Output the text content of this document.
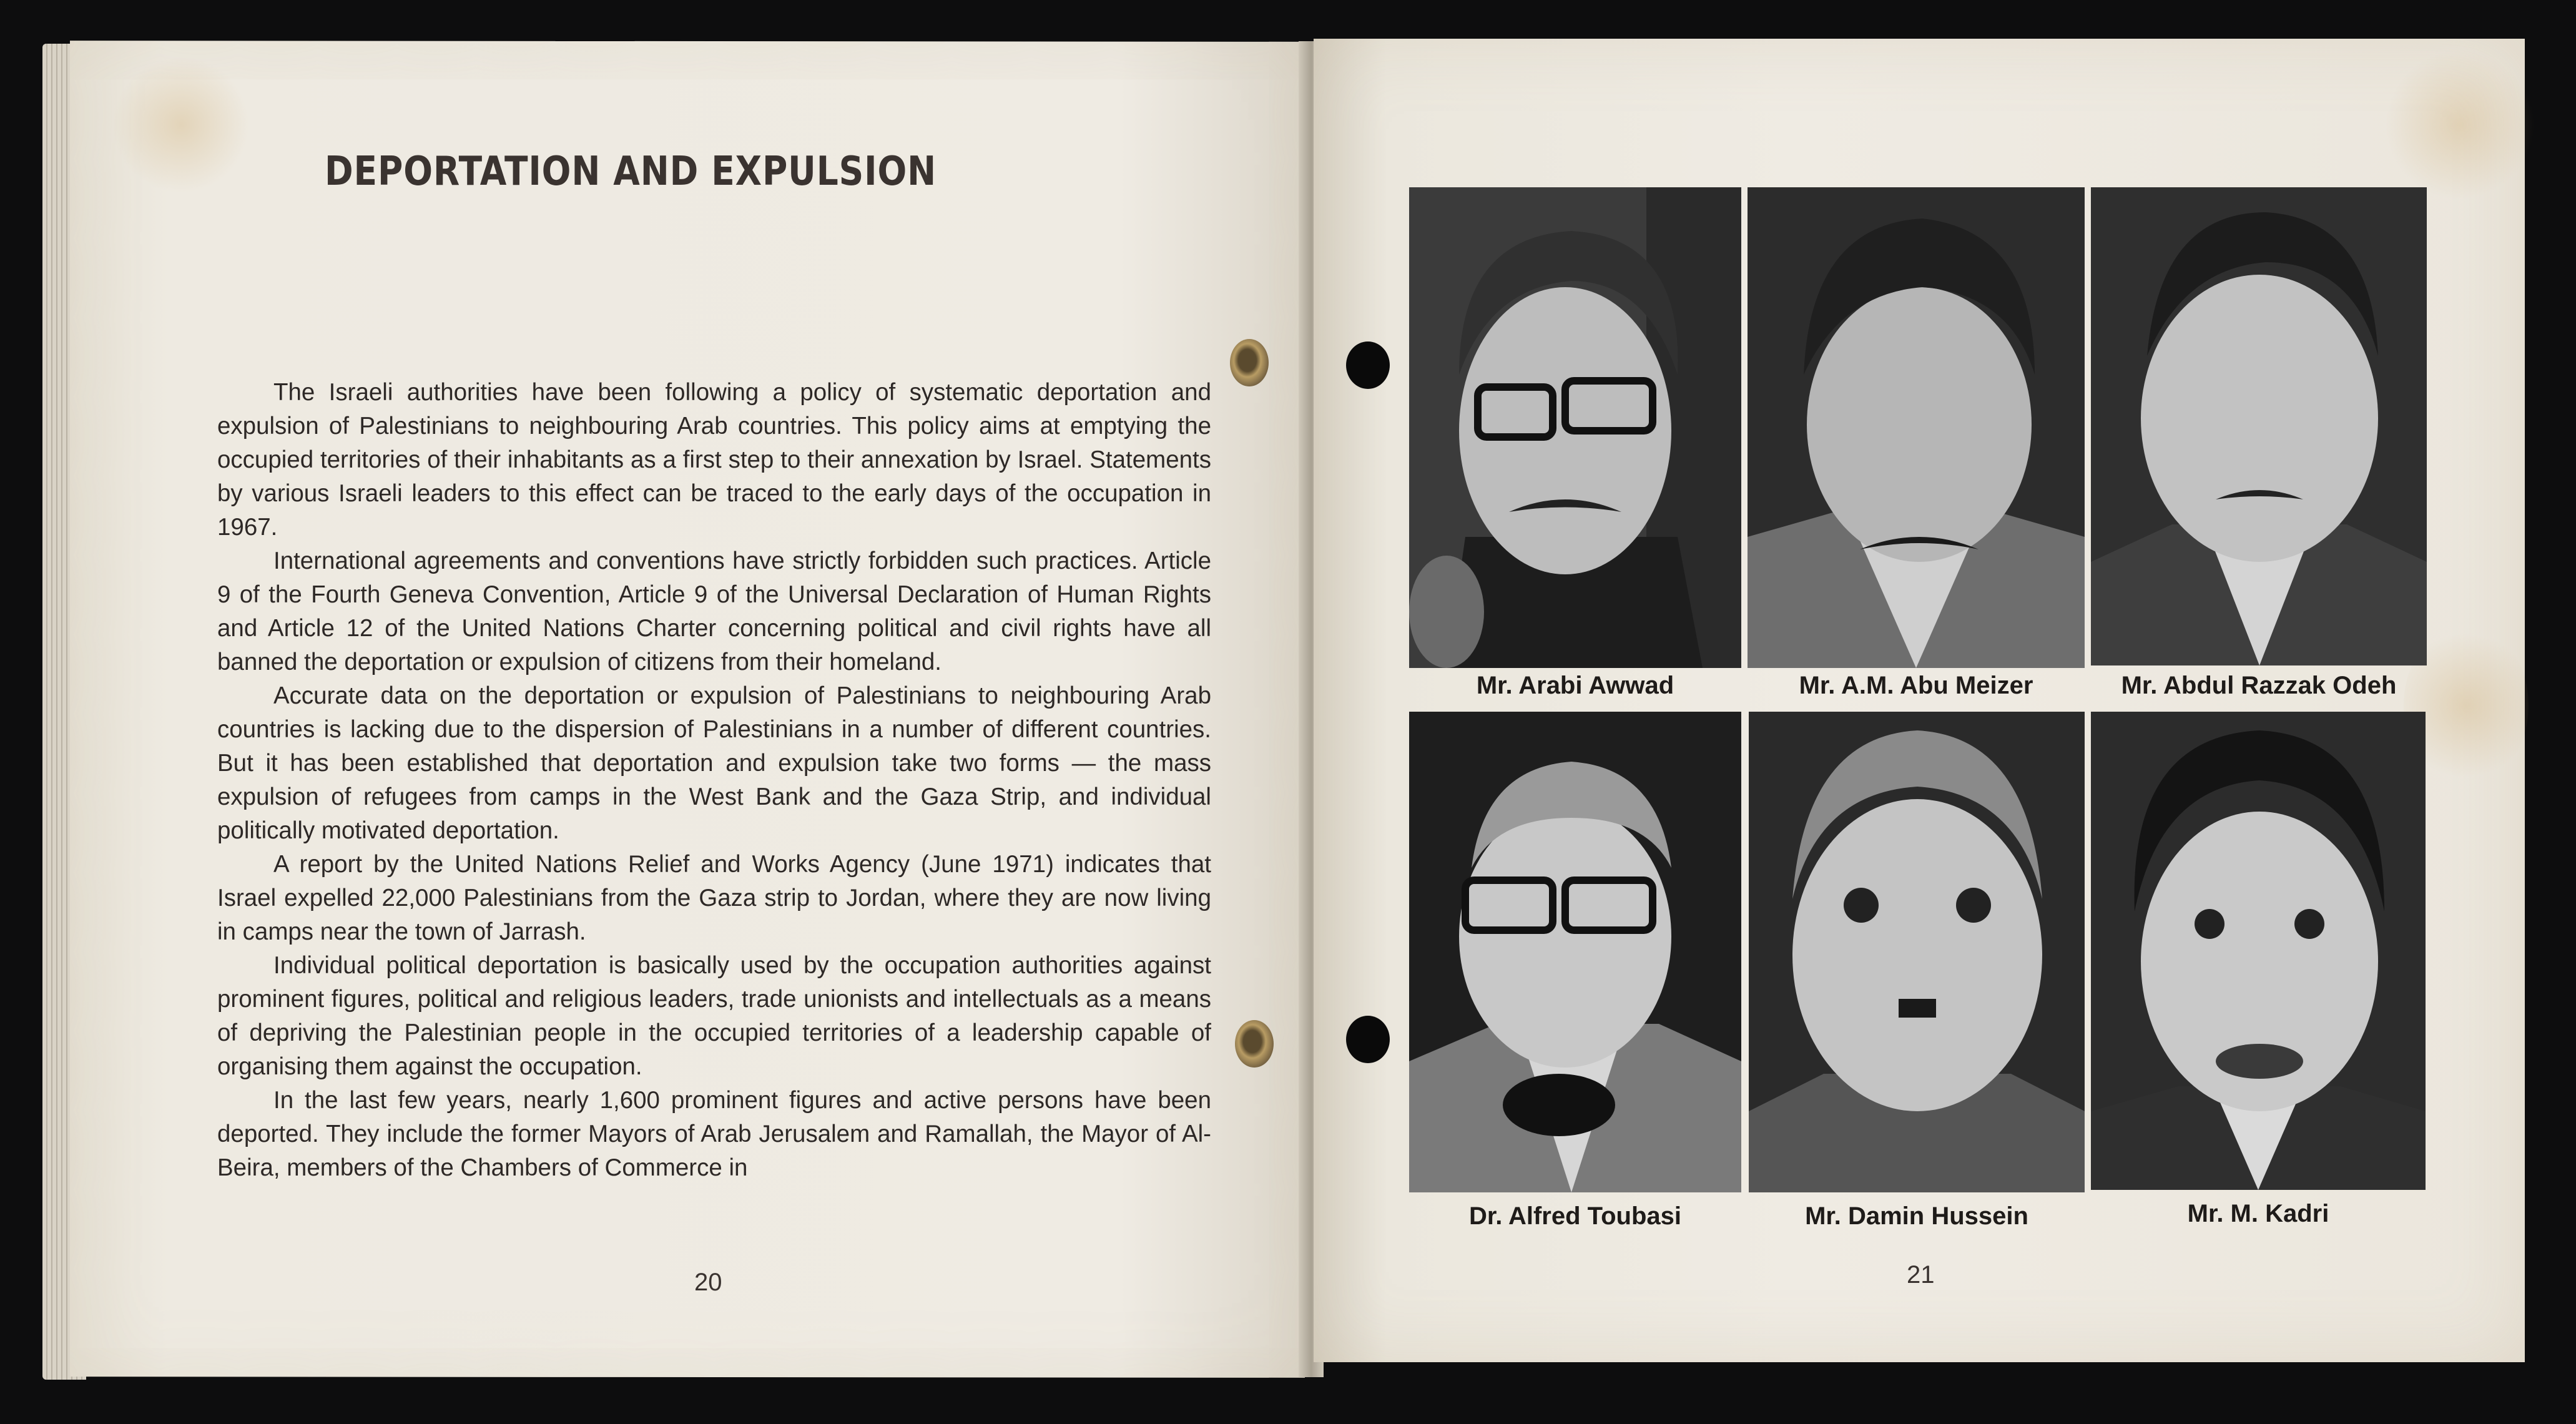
DEPORTATION AND EXPULSION

The Israeli authorities have been following a policy of systematic deportation and expulsion of Palestinians to neighbouring Arab countries. This policy aims at emptying the occupied territories of their inhabitants as a first step to their annexation by Israel. Statements by various Israeli leaders to this effect can be traced to the early days of the occupation in 1967.

International agreements and conventions have strictly forbidden such practices. Article 9 of the Fourth Geneva Convention, Article 9 of the Universal Declaration of Human Rights and Article 12 of the United Nations Charter concerning political and civil rights have all banned the deportation or expulsion of citizens from their homeland.

Accurate data on the deportation or expulsion of Palestinians to neighbouring Arab countries is lacking due to the dispersion of Palestinians in a number of different countries. But it has been established that deportation and expulsion take two forms — the mass expulsion of refugees from camps in the West Bank and the Gaza Strip, and individual politically motivated deportation.

A report by the United Nations Relief and Works Agency (June 1971) indicates that Israel expelled 22,000 Palestinians from the Gaza strip to Jordan, where they are now living in camps near the town of Jarrash.

Individual political deportation is basically used by the occupation authorities against prominent figures, political and religious leaders, trade unionists and intellectuals as a means of depriving the Palestinian people in the occupied territories of a leadership capable of organising them against the occupation.

In the last few years, nearly 1,600 prominent figures and active persons have been deported. They include the former Mayors of Arab Jerusalem and Ramallah, the Mayor of Al-Beira, members of the Chambers of Commerce in

20
Mr. Arabi Awwad	Mr. A.M. Abu Meizer	Mr. Abdul Razzak Odeh
Dr. Alfred Toubasi	Mr. Damin Hussein	Mr. M. Kadri
21
